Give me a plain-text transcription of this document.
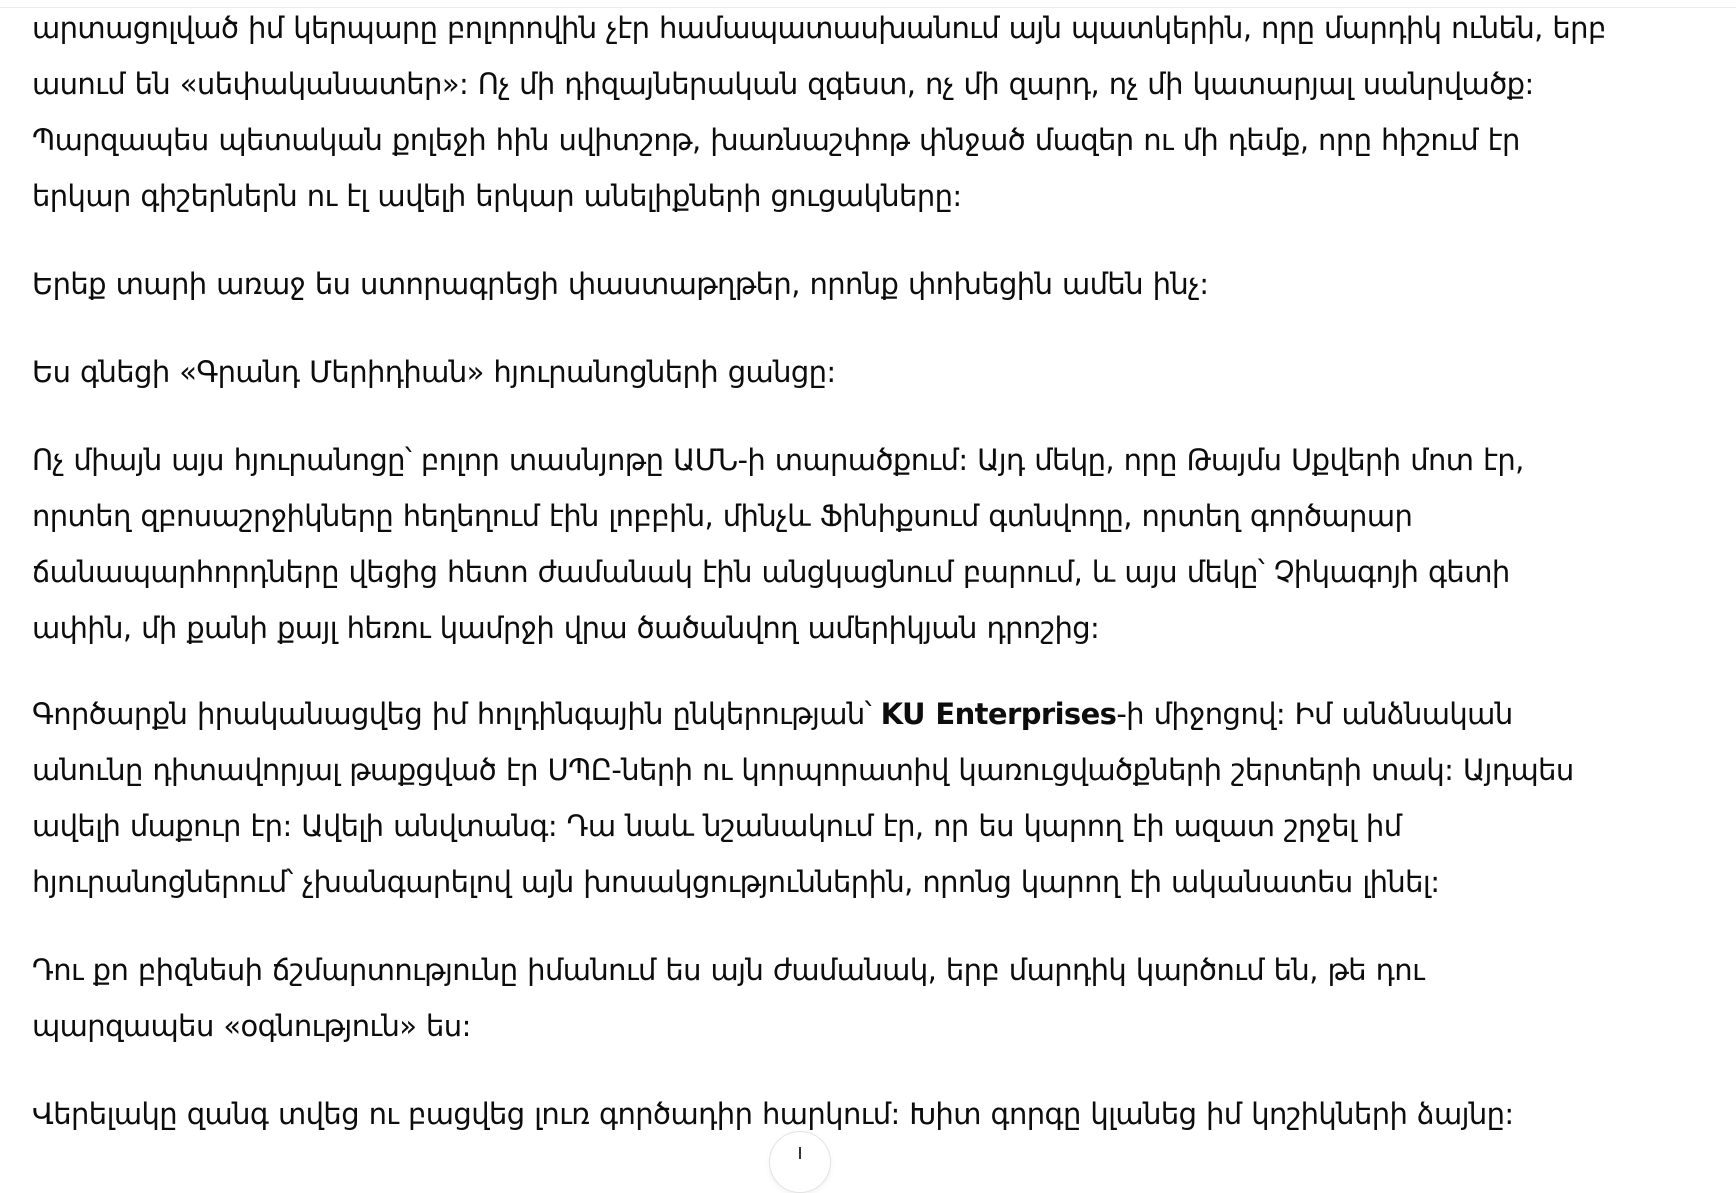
արտացոլված իմ կերպարը բոլորովին չէր համապատասխանում այն պատկերին, որը մարդիկ ունեն, երբ ասում են «սեփականատեր»: Ոչ մի դիզայներական զգեստ, ոչ մի զարդ, ոչ մի կատարյալ սանրվածք: Պարզապես պետական քոլեջի հին սվիտշոթ, խառնաշփոթ փնջած մազեր ու մի դեմք, որը հիշում էր երկար գիշերներն ու էլ ավելի երկար անելիքների ցուցակները:

Երեք տարի առաջ ես ստորագրեցի փաստաթղթեր, որոնք փոխեցին ամեն ինչ:

Ես գնեցի «Գրանդ Մերիդիան» հյուրանոցների ցանցը:

Ոչ միայն այս հյուրանոցը՝ բոլոր տասնյոթը ԱՄՆ-ի տարածքում: Այդ մեկը, որը Թայմս Սքվերի մոտ էր, որտեղ զբոսաշրջիկները հեղեղում էին լոբբին, մինչև Ֆինիքսում գտնվողը, որտեղ գործարար ճանապարհորդները վեցից հետո ժամանակ էին անցկացնում բարում, և այս մեկը՝ Չիկագոյի գետի ափին, մի քանի քայլ հեռու կամրջի վրա ծածանվող ամերիկյան դրոշից:

Գործարքն իրականացվեց իմ հոլդինգային ընկերության՝ KU Enterprises-ի միջոցով: Իմ անձնական անունը դիտավորյալ թաքցված էր ՍՊԸ-ների ու կորպորատիվ կառուցվածքների շերտերի տակ: Այդպես ավելի մաքուր էր: Ավելի անվտանգ: Դա նաև նշանակում էր, որ ես կարող էի ազատ շրջել իմ հյուրանոցներում՝ չխանգարելով այն խոսակցություններին, որոնց կարող էի ականատես լինել:

Դու քո բիզնեսի ճշմարտությունը իմանում ես այն ժամանակ, երբ մարդիկ կարծում են, թե դու պարզապես «օգնություն» ես:

Վերելակը զանգ տվեց ու բացվեց լուռ գործադիր հարկում: Խիտ գորգը կլանեց իմ կոշիկների ձայնը:
